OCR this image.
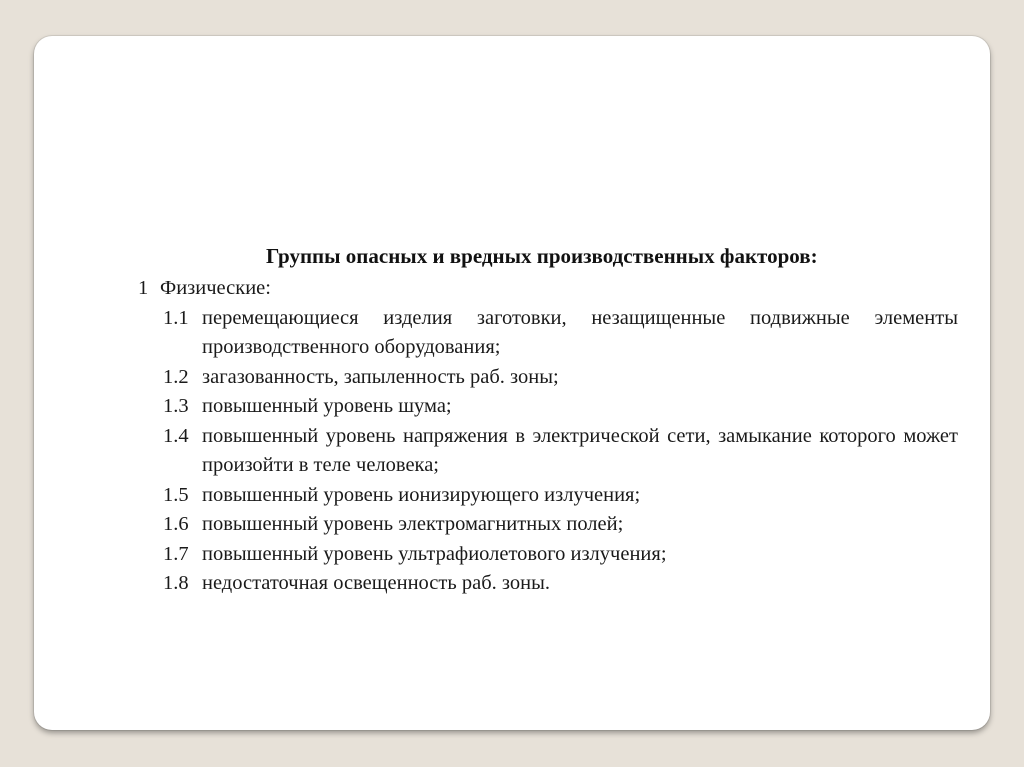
Группы опасных и вредных производственных факторов:
1 Физические:
1.1 перемещающиеся изделия заготовки, незащищенные подвижные элементы производственного оборудования;
1.2 загазованность, запыленность раб. зоны;
1.3 повышенный уровень шума;
1.4 повышенный уровень напряжения в электрической сети, замыкание которого может произойти в теле человека;
1.5 повышенный уровень ионизирующего излучения;
1.6 повышенный уровень электромагнитных полей;
1.7 повышенный уровень ультрафиолетового излучения;
1.8 недостаточная освещенность раб. зоны.
